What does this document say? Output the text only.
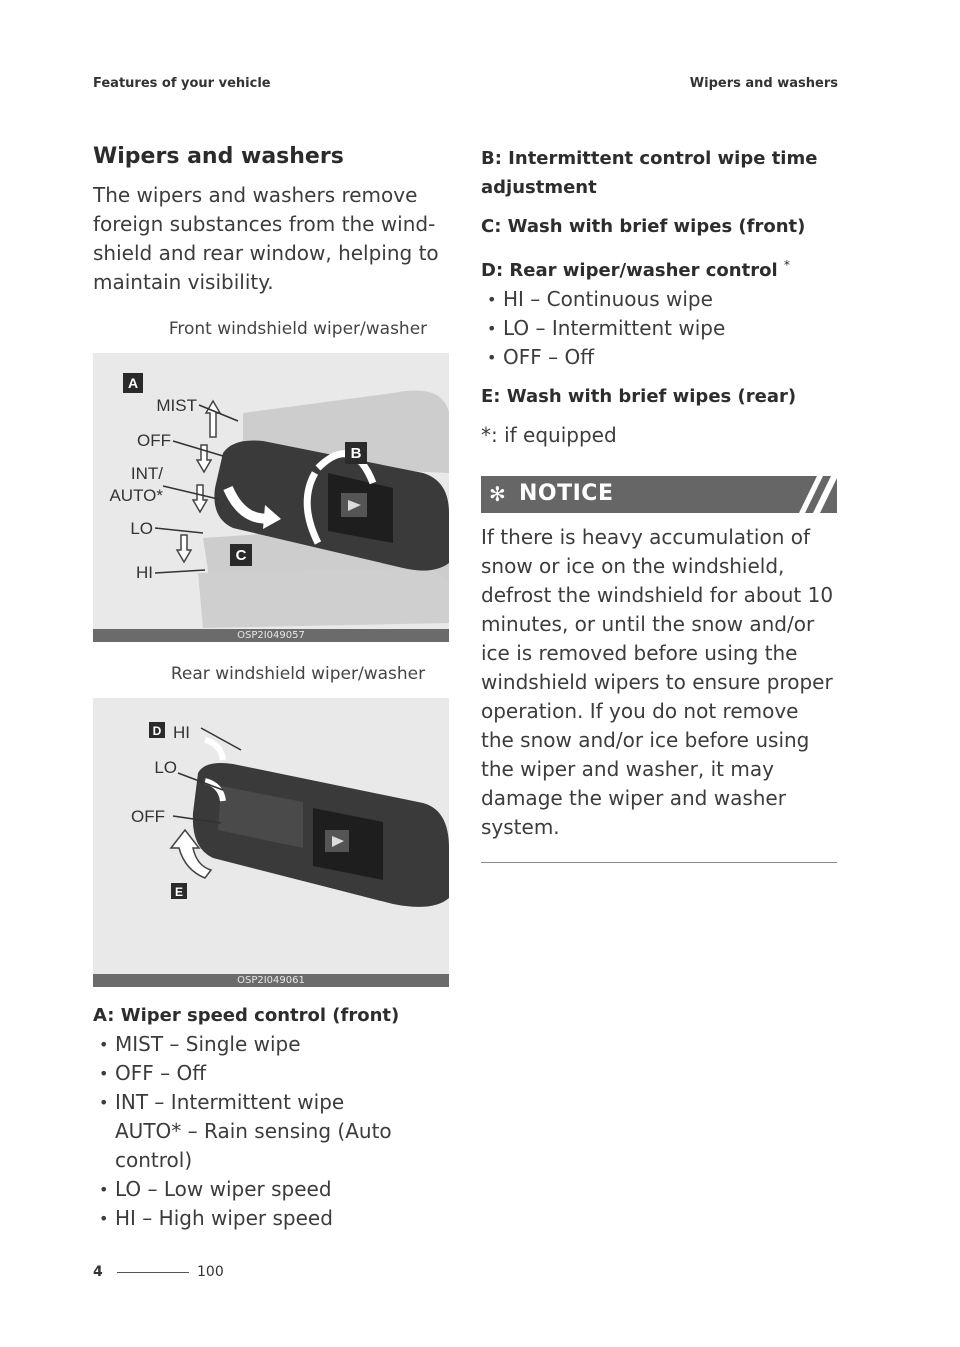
Features of your vehicle	Wipers and washers
Wipers and washers

The wipers and washers remove foreign substances from the windshield and rear window, helping to maintain visibility.

Front windshield wiper/washer
A
B
C
MIST
OFF
INT/
AUTO*
LO
HI
OSP2I049057
Rear windshield wiper/washer
D
E
HI
LO
OFF
OSP2I049061

A: Wiper speed control (front)

• MIST – Single wipe
• OFF – Off
• INT – Intermittent wipe
AUTO* – Rain sensing (Auto control)
• LO – Low wiper speed
• HI – High wiper speed

B: Intermittent control wipe time adjustment

C: Wash with brief wipes (front)

D: Rear wiper/washer control *

• HI – Continuous wipe
• LO – Intermittent wipe
• OFF – Off

E: Wash with brief wipes (rear)

*: if equipped

✻ NOTICE

If there is heavy accumulation of snow or ice on the windshield, defrost the windshield for about 10 minutes, or until the snow and/or ice is removed before using the windshield wipers to ensure proper operation. If you do not remove the snow and/or ice before using the wiper and washer, it may damage the wiper and washer system.

4	100
